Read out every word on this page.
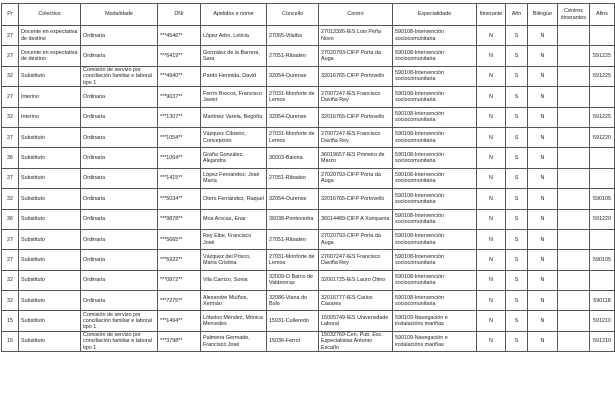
Pr	Colectivo	Modalidade	DNI	Apelidos e nome	Concello	Centro	Especialidade	Itinerante	Afín	Bilingüe	Centros itinerantes	Afins
27	Docente en expectativa de destino	Ordinaria	***4546**	López Adro, Leticia	27065-Vilalba	27013326-IES Lois Peña Novo	590108-Intervención sociocomunitaria	N	S	N		
27	Docente en expectativa de destino	Ordinaria	***6419**	González de la Barrera, Sara	27051-Ribadeo	27020793-CIFP Porta da Auga	590108-Intervención sociocomunitaria	N	S	N		591225
32	Substituto	Comisión de servizo por conciliación familiar e laboral tipo 1	***4940**	Pardo Hermida, David	32054-Ourense	32016765-CIFP Portovello	590108-Intervención sociocomunitaria	N	S	N		591225
27	Interino	Ordinaria	***9037**	Ferrín Brocos, Francisco Javier	27031-Monforte de Lemos	27007247-IES Francisco Daviña Rey	590108-Intervención sociocomunitaria	N	S	N		
32	Interino	Ordinaria	***1307**	Martínez Varela, Begoña	32054-Ourense	32016765-CIFP Portovello	590108-Intervención sociocomunitaria	N	S	N		591225
27	Substituto	Ordinaria	***1054**	Vázquez Cibreiro, Concepción	27031-Monforte de Lemos	27007247-IES Francisco Daviña Rey	590108-Intervención sociocomunitaria	N	S	N		591220
36	Substituto	Ordinaria	***1064**	Graña González, Alejandra	36003-Baiona	36019657-IES Primeiro de Marzo	590108-Intervención sociocomunitaria	N	S	N		
27	Substituto	Ordinaria	***1415**	López Fernández, José María	27051-Ribadeo	27020793-CIFP Porta da Auga	590108-Intervención sociocomunitaria	N	S	N		
32	Substituto	Ordinaria	***5034**	Otero Fernández, Raquel	32054-Ourense	32016765-CIFP Portovello	590108-Intervención sociocomunitaria	N	S	N		590105
36	Substituto	Ordinaria	***9878**	Moa Arocas, Enar	36038-Pontevedra	36014489-CIFP A Xunqueira	590108-Intervención sociocomunitaria	N	S	N		591220
27	Substituto	Ordinaria	***5665**	Rey Eibe, Francisco José	27051-Ribadeo	27020793-CIFP Porta da Auga	590108-Intervención sociocomunitaria	N	S	N		
27	Substituto	Ordinaria	***5922**	Vázquez del Prisco, María Cristina	27031-Monforte de Lemos	27007247-IES Francisco Daviña Rey	590108-Intervención sociocomunitaria	N	S	N		590105
32	Substituto	Ordinaria	***0872**	Vila Carrizo, Sonia	32009-O Barco de Valdeorras	32001725-IES Lauro Olmo	590108-Intervención sociocomunitaria	N	S	N		
32	Substituto	Ordinaria	***7275**	Alexandre Muíños, Xermán	32086-Viana do Bolo	32016777-IES Carlos Casares	590108-Intervención sociocomunitaria	N	S	N		590118
15	Substituto	Comisión de servizo por conciliación familiar e laboral tipo 1	***1494**	Lóbelos Méndez, Mónica Mercedes	15031-Culleredo	15005749-IES Universidade Laboral	590109-Navegación e instalacións mariñas	N	S	N		591210
15	Substituto	Comisión de servizo por conciliación familiar e laboral tipo 1	***3798**	Palmeira Germade, Francisco José	15036-Ferrol	15032769-Cen. Pub. Esc. Especialistas Antonio Escaño	590109-Navegación e instalacións mariñas	N	S	N		591210
